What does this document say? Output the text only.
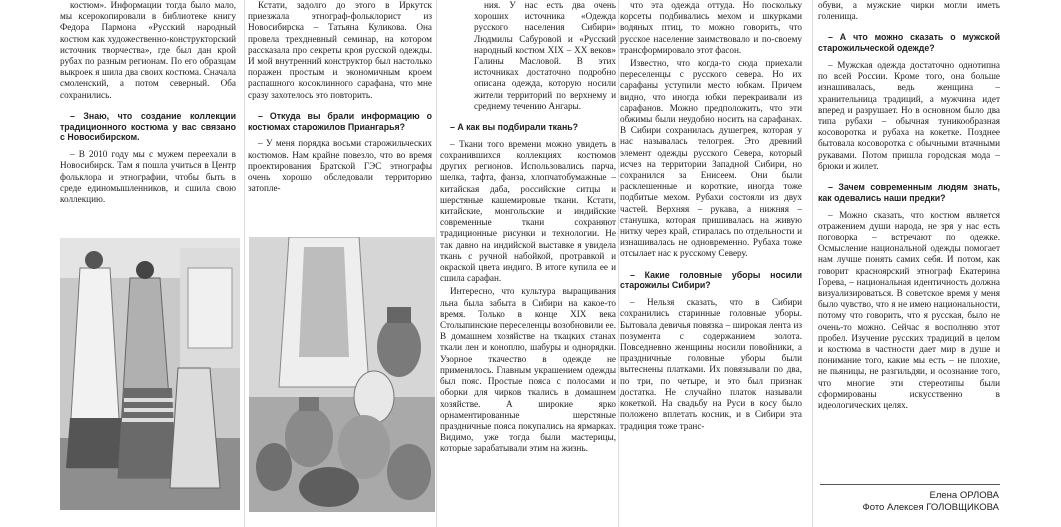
костюм». Информации тогда было мало, мы ксерокопировали в библиотеке книгу Федора Пармона «Русский народный костюм как художественно-конструкторский источник творчества», где был дан крой рубах по разным регионам. По его образцам выкроек я шила два своих костюма. Сначала смоленский, а потом северный. Оба сохранились.

– Знаю, что создание коллекции традиционного костюма у вас связано с Новосибирском.

– В 2010 году мы с мужем переехали в Новосибирск. Там я пошла учиться в Центр фольклора и этнографии, чтобы быть в среде единомышленников, и сшила свою коллекцию.

Кстати, задолго до этого в Иркутск приезжала этнограф-фольклорист из Новосибирска – Татьяна Куликова. Она провела трехдневный семинар, на котором рассказала про секреты кроя русской одежды. И мой внутренний конструктор был настолько поражен простым и экономичным кроем распашного косоклинного сарафана, что мне сразу захотелось это повторить.

– Откуда вы брали информацию о костюмах старожилов Приангарья?

– У меня порядка восьми старожильческих костюмов. Нам крайне повезло, что во время проектирования Братской ГЭС этнографы очень хорошо обследовали территорию затопле-

ния. У нас есть два очень хороших источника «Одежда русского населения Сибири» Людмилы Сабуровой и «Русский народный костюм XIX – XX веков» Галины Масловой. В этих источниках достаточно подробно описана одежда, которую носили жители территорий по верхнему и среднему течению Ангары.

– А как вы подбирали ткань?

– Ткани того времени можно увидеть в сохранившихся коллекциях костюмов других регионов. Использовались парча, шелка, тафта, фанза, хлопчатобумажные – китайская даба, российские ситцы и шерстяные кашемировые ткани. Кстати, китайские, монгольские и индийские современные ткани сохраняют традиционные рисунки и технологии. Не так давно на индийской выставке я увидела ткань с ручной набойкой, протравкой и окраской цвета индиго. В итоге купила ее и сшила сарафан.

Интересно, что культура выращивания льна была забыта в Сибири на какое-то время. Только в конце XIX века Столыпинские переселенцы возобновили ее. В домашнем хозяйстве на ткацких станах ткали лен и коноплю, шабуры и однорядки. Узорное ткачество в одежде не применялось. Главным украшением одежды был пояс. Простые пояса с полосами и оборки для чирков ткались в домашнем хозяйстве. А широкие ярко орнаментированные шерстяные праздничные пояса покупались на ярмарках. Видимо, уже тогда были мастерицы, которые зарабатывали этим на жизнь.

что эта одежда оттуда. Но поскольку корсеты подбивались мехом и шкурками водяных птиц, то можно говорить, что русское население заимствовало и по-своему трансформировало этот фасон.

Известно, что когда-то сюда приехали переселенцы с русского севера. Но их сарафаны уступили место юбкам. Причем видно, что иногда юбки перекраивали из сарафанов. Можно предположить, что эти обжимы были неудобно носить на сарафанах. В Сибири сохранилась душегрея, которая у нас называлась телогрея. Это древний элемент одежды русского Севера, который исчез на территории Западной Сибири, но сохранился за Енисеем. Они были расклешенные и короткие, иногда тоже подбитые мехом. Рубахи состояли из двух частей. Верхняя – рукава, а нижняя – станушка, которая пришивалась на живую нитку через край, стиралась по отдельности и изнашивалась не одновременно. Рубаха тоже отсылает нас к русскому Северу.

– Какие головные уборы носили старожилы Сибири?

– Нельзя сказать, что в Сибири сохранились старинные головные уборы. Бытовала девичья повязка – широкая лента из позумента с содержанием золота. Повседневно женщины носили повойники, а праздничные головные уборы были вытеснены платками. Их повязывали по два, по три, по четыре, и это был признак достатка. Не случайно платок называли кокеткой. На свадьбу на Руси в косу было положено вплетать косник, и в Сибири эта традиция тоже транс-

обуви, а мужские чирки могли иметь голенища.

– А что можно сказать о мужской старожильческой одежде?

– Мужская одежда достаточно однотипна по всей России. Кроме того, она больше изнашивалась, ведь женщина – хранительница традиций, а мужчина идет вперед и разрушает. Но в основном было два типа рубахи – обычная туникообразная косоворотка и рубаха на кокетке. Позднее бытовала косоворотка с обычными втачными рукавами. Потом пришла городская мода – брюки и жилет.

– Зачем современным людям знать, как одевались наши предки?

– Можно сказать, что костюм является отражением души народа, не зря у нас есть поговорка – встречают по одежке. Осмысление национальной одежды помогает нам лучше понять самих себя. И потом, как говорит красноярский этнограф Екатерина Горева, – национальная идентичность должна визуализироваться. В советское время у меня было чувство, что я не имею национальности, потому что говорить, что я русская, было не очень-то можно. Сейчас я восполняю этот пробел. Изучение русских традиций в целом и костюма в частности дает мир в душе и понимание того, какие мы есть – не плохие, не пьяницы, не разгильдяи, и осознание того, что многие эти стереотипы были сформированы искусственно в идеологических целях.

Елена ОРЛОВА
Фото Алексея ГОЛОВЩИКОВА
